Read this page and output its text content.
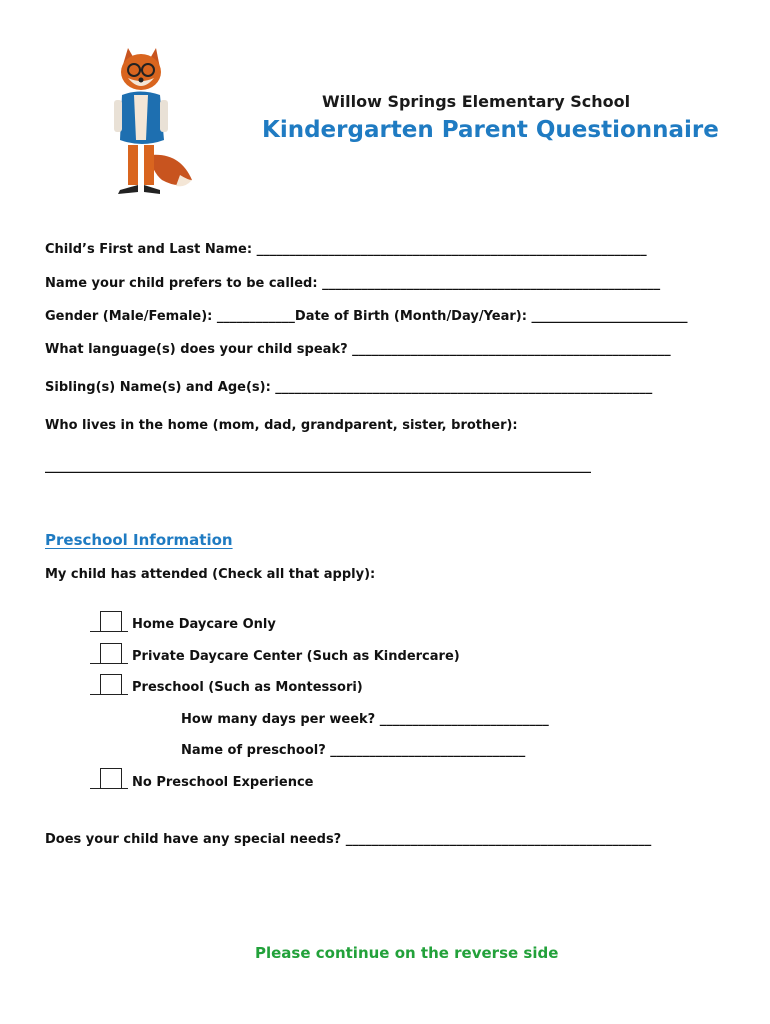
Willow Springs Elementary School
Kindergarten Parent Questionnaire
Child’s First and Last Name: ____________________________________________________________
Name your child prefers to be called: ____________________________________________________
Gender (Male/Female): ____________Date of Birth (Month/Day/Year): ________________________
What language(s) does your child speak? _________________________________________________
Sibling(s) Name(s) and Age(s): __________________________________________________________
Who lives in the home (mom, dad, grandparent, sister, brother):
____________________________________________________________________________________
Preschool Information
My child has attended (Check all that apply):
Home Daycare Only
Private Daycare Center (Such as Kindercare)
Preschool (Such as Montessori)
How many days per week? __________________________
Name of preschool? ______________________________
No Preschool Experience
Does your child have any special needs? _______________________________________________
Please continue on the reverse side
